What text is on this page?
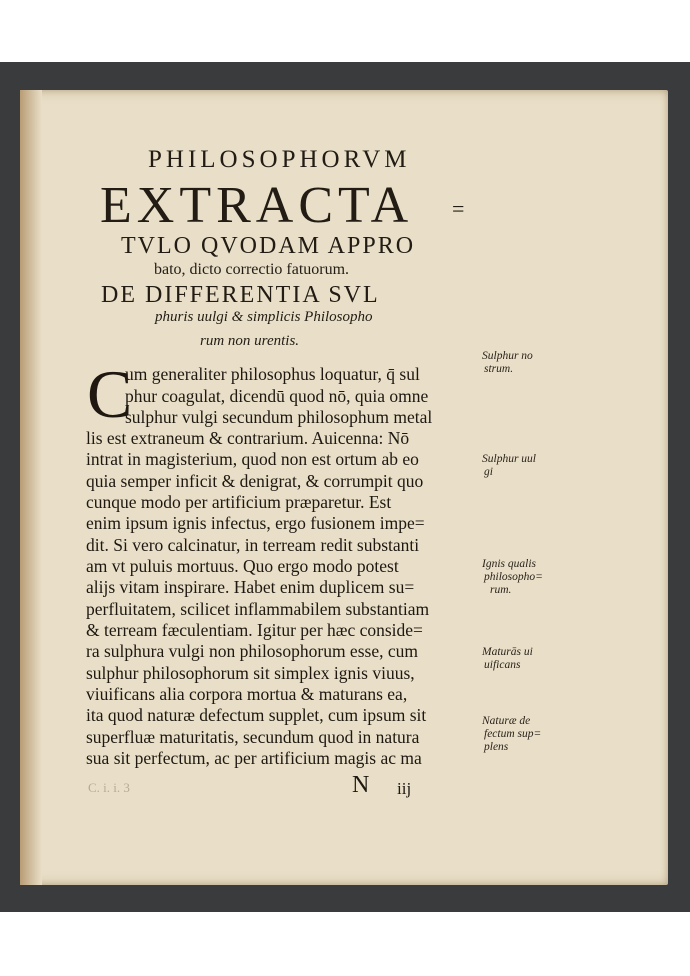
PHILOSOPHORVM
EXTRACTA =
TVLO QVODAM APPRO
bato, dicto correctio fatuorum.
DE DIFFERENTIA SVL
phuris uulgi & simplicis Philosopho
rum non urentis.
C
um generaliter philosophus loquatur, q̄ sul
phur coagulat, dicendū quod nō, quia omne
sulphur vulgi secundum philosophum metal
lis est extraneum & contrarium. Auicenna: Nō
intrat in magisterium, quod non est ortum ab eo
quia semper inficit & denigrat, & corrumpit quo
cunque modo per artificium præparetur. Est
enim ipsum ignis infectus, ergo fusionem impe=
dit. Si vero calcinatur, in terream redit substanti
am vt puluis mortuus. Quo ergo modo potest
alijs vitam inspirare. Habet enim duplicem su=
perfluitatem, scilicet inflammabilem substantiam
& terream fæculentiam. Igitur per hæc conside=
ra sulphura vulgi non philosophorum esse, cum
sulphur philosophorum sit simplex ignis viuus,
viuificans alia corpora mortua & maturans ea,
ita quod naturæ defectum supplet, cum ipsum sit
superfluæ maturitatis, secundum quod in natura
sua sit perfectum, ac per artificium magis ac ma
Sulphur no
strum.
Sulphur uul
gi
Ignis qualis
philosopho=
rum.
Maturās ui
uificans
Naturæ de
fectum sup=
plens
C. i. i. 3	N iij
